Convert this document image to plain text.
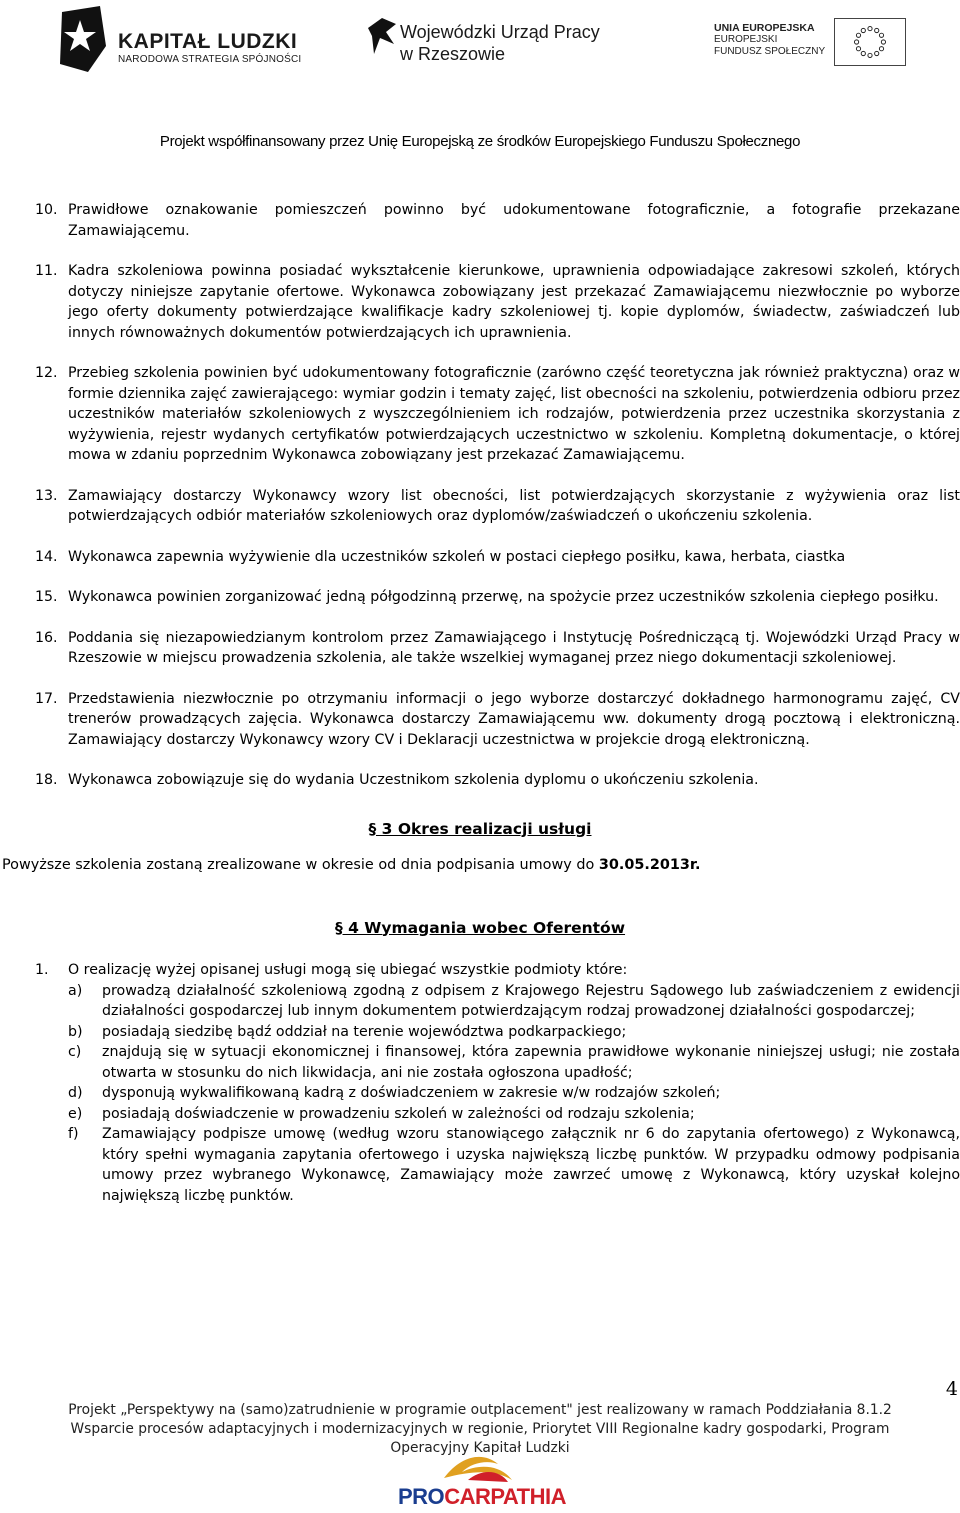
KAPITAŁ LUDZKI
NARODOWA STRATEGIA SPÓJNOŚCI
Wojewódzki Urząd Pracy
w Rzeszowie
UNIA EUROPEJSKA
EUROPEJSKI
FUNDUSZ SPOŁECZNY
Projekt współfinansowany przez Unię Europejską ze środków Europejskiego Funduszu Społecznego
10. Prawidłowe oznakowanie pomieszczeń powinno być udokumentowane fotograficznie, a fotografie przekazane Zamawiającemu.
11. Kadra szkoleniowa powinna posiadać wykształcenie kierunkowe, uprawnienia odpowiadające zakresowi szkoleń, których dotyczy niniejsze zapytanie ofertowe. Wykonawca zobowiązany jest przekazać Zamawiającemu niezwłocznie po wyborze jego oferty dokumenty potwierdzające kwalifikacje kadry szkoleniowej tj. kopie dyplomów, świadectw, zaświadczeń lub innych równoważnych dokumentów potwierdzających ich uprawnienia.
12. Przebieg szkolenia powinien być udokumentowany fotograficznie (zarówno część teoretyczna jak również praktyczna) oraz w formie dziennika zajęć zawierającego: wymiar godzin i tematy zajęć, list obecności na szkoleniu, potwierdzenia odbioru przez uczestników materiałów szkoleniowych z wyszczególnieniem ich rodzajów, potwierdzenia przez uczestnika skorzystania z wyżywienia, rejestr wydanych certyfikatów potwierdzających uczestnictwo w szkoleniu. Kompletną dokumentacje, o której mowa w zdaniu poprzednim Wykonawca zobowiązany jest przekazać Zamawiającemu.
13. Zamawiający dostarczy Wykonawcy wzory list obecności, list potwierdzających skorzystanie z wyżywienia oraz list potwierdzających odbiór materiałów szkoleniowych oraz dyplomów/zaświadczeń o ukończeniu szkolenia.
14. Wykonawca zapewnia wyżywienie dla uczestników szkoleń w postaci ciepłego posiłku, kawa, herbata, ciastka
15. Wykonawca powinien zorganizować jedną półgodzinną przerwę, na spożycie przez uczestników szkolenia ciepłego posiłku.
16. Poddania się niezapowiedzianym kontrolom przez Zamawiającego i Instytucję Pośredniczącą tj. Wojewódzki Urząd Pracy w Rzeszowie w miejscu prowadzenia szkolenia, ale także wszelkiej wymaganej przez niego dokumentacji szkoleniowej.
17. Przedstawienia niezwłocznie po otrzymaniu informacji o jego wyborze dostarczyć dokładnego harmonogramu zajęć, CV trenerów prowadzących zajęcia. Wykonawca dostarczy Zamawiającemu ww. dokumenty drogą pocztową i elektroniczną. Zamawiający dostarczy Wykonawcy wzory CV i Deklaracji uczestnictwa w projekcie drogą elektroniczną.
18. Wykonawca zobowiązuje się do wydania Uczestnikom szkolenia dyplomu o ukończeniu szkolenia.
§ 3 Okres realizacji usługi
Powyższe szkolenia zostaną zrealizowane w okresie od dnia podpisania umowy do 30.05.2013r.
§ 4 Wymagania wobec Oferentów
1. O realizację wyżej opisanej usługi mogą się ubiegać wszystkie podmioty które:
a) prowadzą działalność szkoleniową zgodną z odpisem z Krajowego Rejestru Sądowego lub zaświadczeniem z ewidencji działalności gospodarczej lub innym dokumentem potwierdzającym rodzaj prowadzonej działalności gospodarczej;
b) posiadają siedzibę bądź oddział na terenie województwa podkarpackiego;
c) znajdują się w sytuacji ekonomicznej i finansowej, która zapewnia prawidłowe wykonanie niniejszej usługi; nie została otwarta w stosunku do nich likwidacja, ani nie została ogłoszona upadłość;
d) dysponują wykwalifikowaną kadrą z doświadczeniem w zakresie w/w rodzajów szkoleń;
e) posiadają doświadczenie w prowadzeniu szkoleń w zależności od rodzaju szkolenia;
f) Zamawiający podpisze umowę (według wzoru stanowiącego załącznik nr 6 do zapytania ofertowego) z Wykonawcą, który spełni wymagania zapytania ofertowego i uzyska największą liczbę punktów. W przypadku odmowy podpisania umowy przez wybranego Wykonawcę, Zamawiający może zawrzeć umowę z Wykonawcą, który uzyskał kolejno największą liczbę punktów.
4
Projekt „Perspektywy na (samo)zatrudnienie w programie outplacement" jest realizowany w ramach Poddziałania 8.1.2
Wsparcie procesów adaptacyjnych i modernizacyjnych w regionie, Priorytet VIII Regionalne kadry gospodarki, Program
Operacyjny Kapitał Ludzki
PROCARPATHIA
